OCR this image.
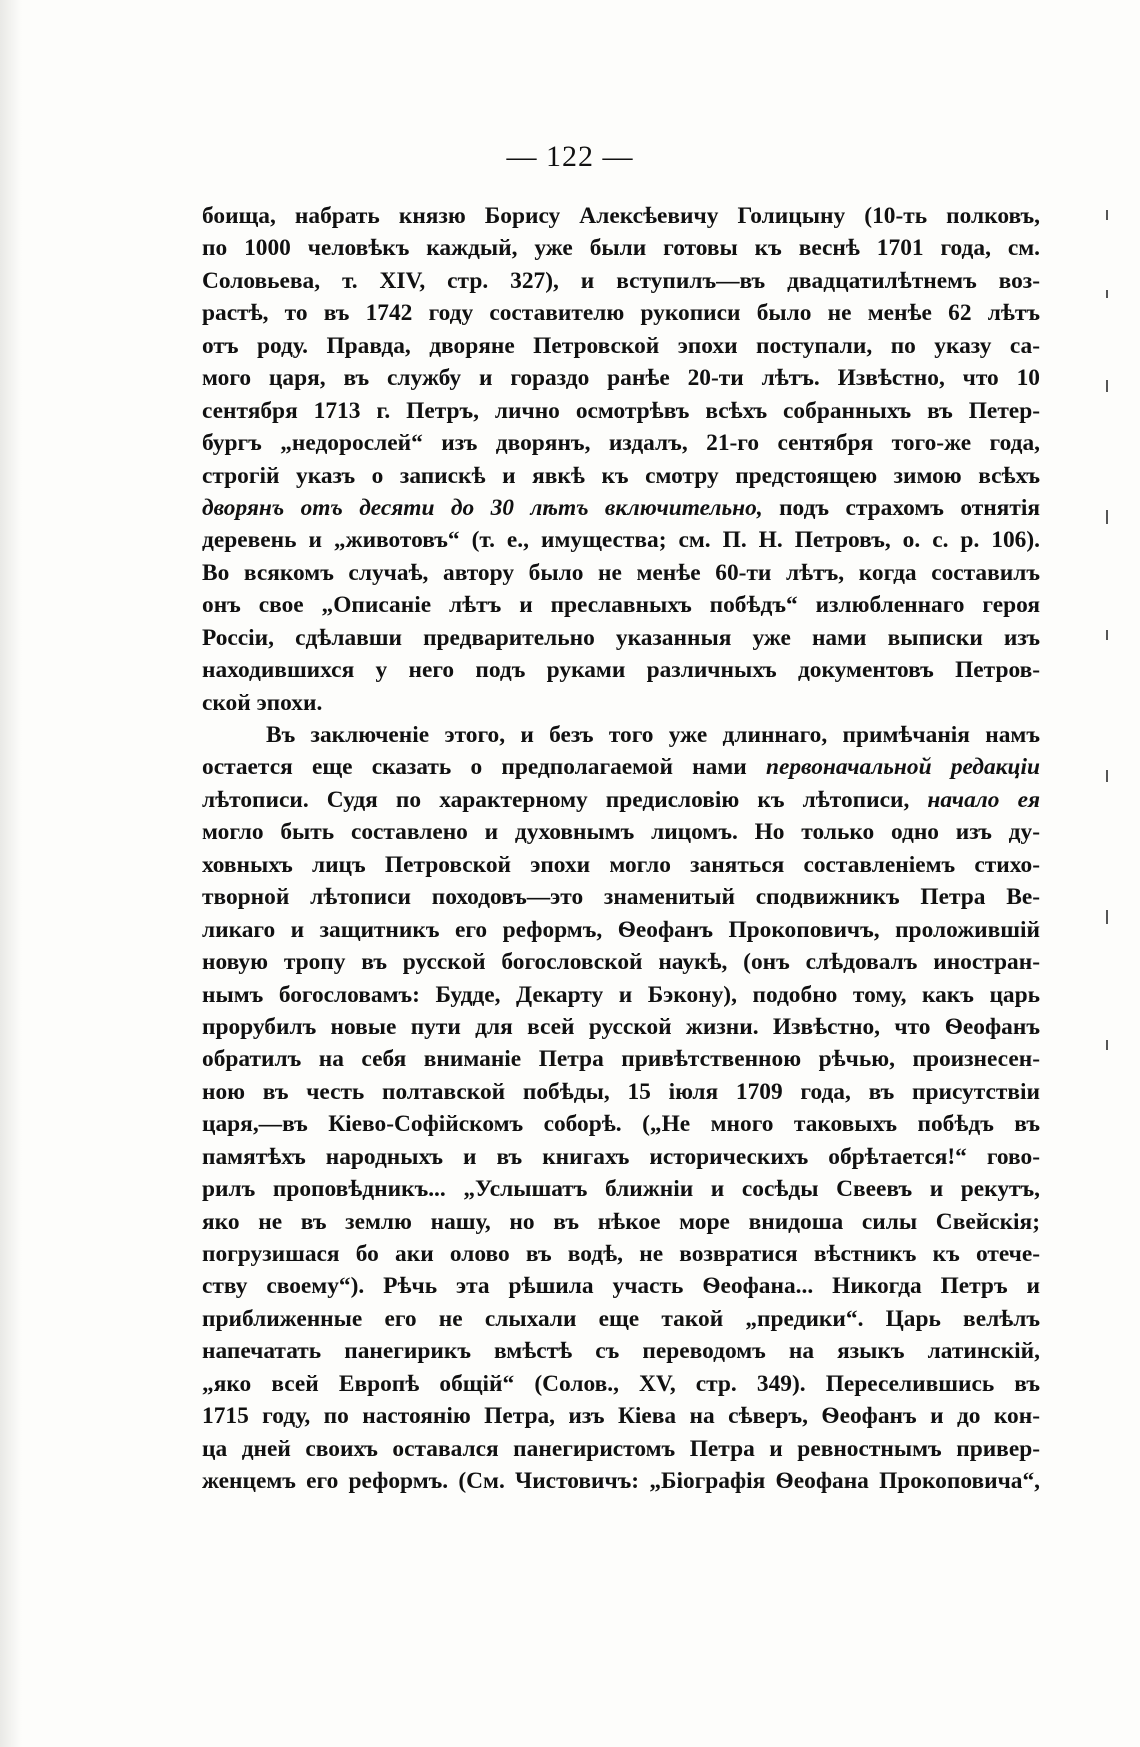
— 122 —
боища, набрать князю Борису Алексѣевичу Голицыну (10-ть полковъ,
по 1000 человѣкъ каждый, уже были готовы къ веснѣ 1701 года, см.
Соловьева, т. XIV, стр. 327), и вступилъ—въ двадцатилѣтнемъ воз-
растѣ, то въ 1742 году составителю рукописи было не менѣе 62 лѣтъ
отъ роду. Правда, дворяне Петровской эпохи поступали, по указу са-
мого царя, въ службу и гораздо ранѣе 20-ти лѣтъ. Извѣстно, что 10
сентября 1713 г. Петръ, лично осмотрѣвъ всѣхъ собранныхъ въ Петер-
бургъ „недорослей“ изъ дворянъ, издалъ, 21-го сентября того-же года,
строгій указъ о запискѣ и явкѣ къ смотру предстоящею зимою всѣхъ
дворянъ отъ десяти до 30 лѣтъ включительно, подъ страхомъ отнятія
деревень и „животовъ“ (т. е., имущества; см. П. Н. Петровъ, о. с. р. 106).
Во всякомъ случаѣ, автору было не менѣе 60-ти лѣтъ, когда составилъ
онъ свое „Описаніе лѣтъ и преславныхъ побѣдъ“ излюбленнаго героя
Россіи, сдѣлавши предварительно указанныя уже нами выписки изъ
находившихся у него подъ руками различныхъ документовъ Петров-
ской эпохи.
Въ заключеніе этого, и безъ того уже длиннаго, примѣчанія намъ
остается еще сказать о предполагаемой нами первоначальной редакціи
лѣтописи. Судя по характерному предисловію къ лѣтописи, начало ея
могло быть составлено и духовнымъ лицомъ. Но только одно изъ ду-
ховныхъ лицъ Петровской эпохи могло заняться составленіемъ стихо-
творной лѣтописи походовъ—это знаменитый сподвижникъ Петра Ве-
ликаго и защитникъ его реформъ, Ѳеофанъ Прокоповичъ, проложившій
новую тропу въ русской богословской наукѣ, (онъ слѣдовалъ иностран-
нымъ богословамъ: Будде, Декарту и Бэкону), подобно тому, какъ царь
прорубилъ новые пути для всей русской жизни. Извѣстно, что Ѳеофанъ
обратилъ на себя вниманіе Петра привѣтственною рѣчью, произнесен-
ною въ честь полтавской побѣды, 15 іюля 1709 года, въ присутствіи
царя,—въ Кіево-Софійскомъ соборѣ. („Не много таковыхъ побѣдъ въ
памятѣхъ народныхъ и въ книгахъ историческихъ обрѣтается!“ гово-
рилъ проповѣдникъ... „Услышатъ ближніи и сосѣды Свеевъ и рекутъ,
яко не въ землю нашу, но въ нѣкое море внидоша силы Свейскія;
погрузишася бо аки олово въ водѣ, не возвратися вѣстникъ къ отече-
ству своему“). Рѣчь эта рѣшила участь Ѳеофана... Никогда Петръ и
приближенные его не слыхали еще такой „предики“. Царь велѣлъ
напечатать панегирикъ вмѣстѣ съ переводомъ на языкъ латинскій,
„яко всей Европѣ общій“ (Солов., XV, стр. 349). Переселившись въ
1715 году, по настоянію Петра, изъ Кіева на сѣверъ, Ѳеофанъ и до кон-
ца дней своихъ оставался панегиристомъ Петра и ревностнымъ привер-
женцемъ его реформъ. (См. Чистовичъ: „Біографія Ѳеофана Прокоповича“,
